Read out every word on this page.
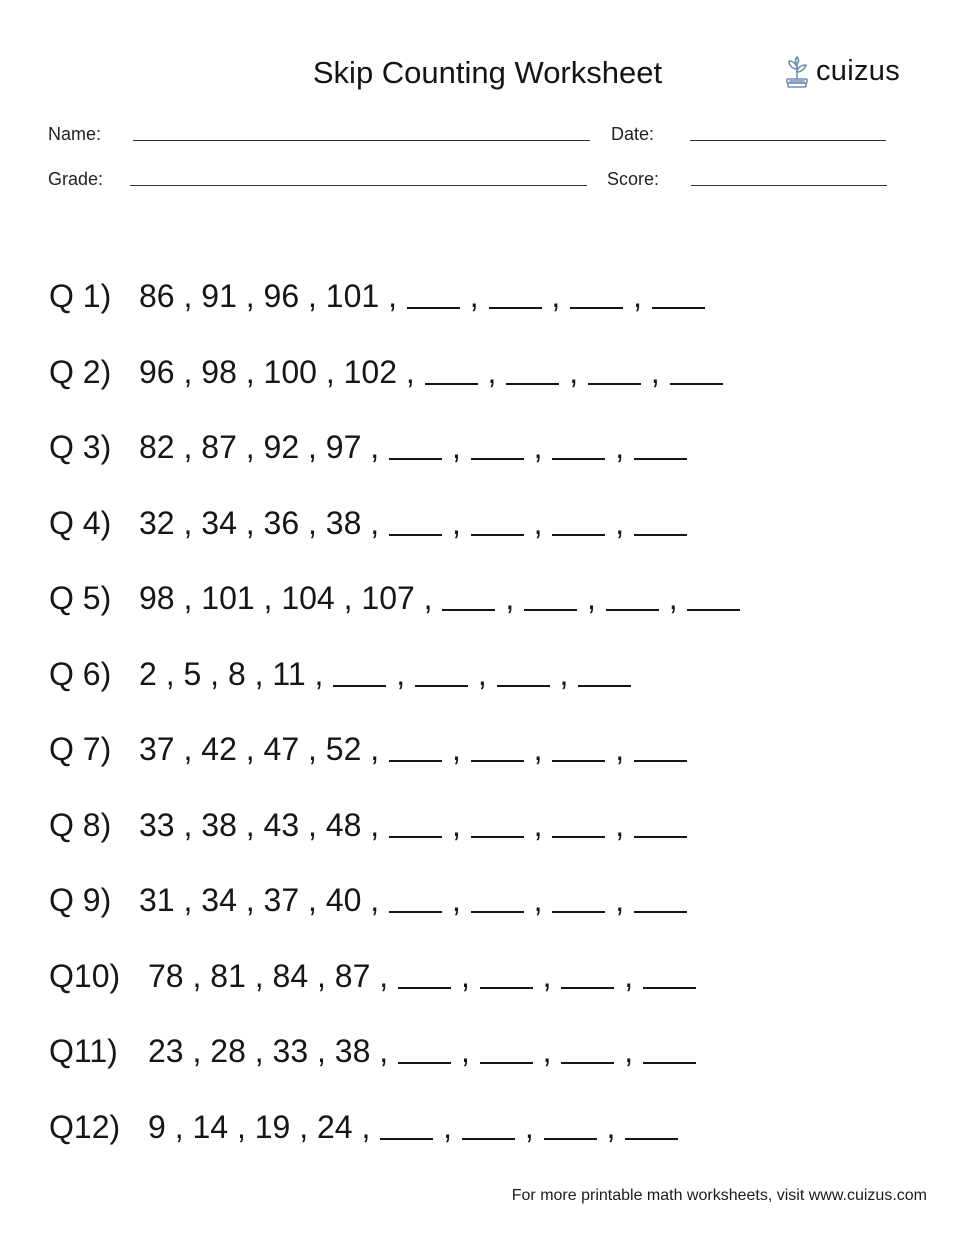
Skip Counting Worksheet	cuizus
Name:	Date:
Grade:	Score:
Q 1) 86 , 91 , 96 , 101 ,  ,  ,  ,
Q 2) 96 , 98 , 100 , 102 ,  ,  ,  ,
Q 3) 82 , 87 , 92 , 97 ,  ,  ,  ,
Q 4) 32 , 34 , 36 , 38 ,  ,  ,  ,
Q 5) 98 , 101 , 104 , 107 ,  ,  ,  ,
Q 6) 2 , 5 , 8 , 11 ,  ,  ,  ,
Q 7) 37 , 42 , 47 , 52 ,  ,  ,  ,
Q 8) 33 , 38 , 43 , 48 ,  ,  ,  ,
Q 9) 31 , 34 , 37 , 40 ,  ,  ,  ,
Q10) 78 , 81 , 84 , 87 ,  ,  ,  ,
Q11) 23 , 28 , 33 , 38 ,  ,  ,  ,
Q12) 9 , 14 , 19 , 24 ,  ,  ,  ,
For more printable math worksheets, visit www.cuizus.com
